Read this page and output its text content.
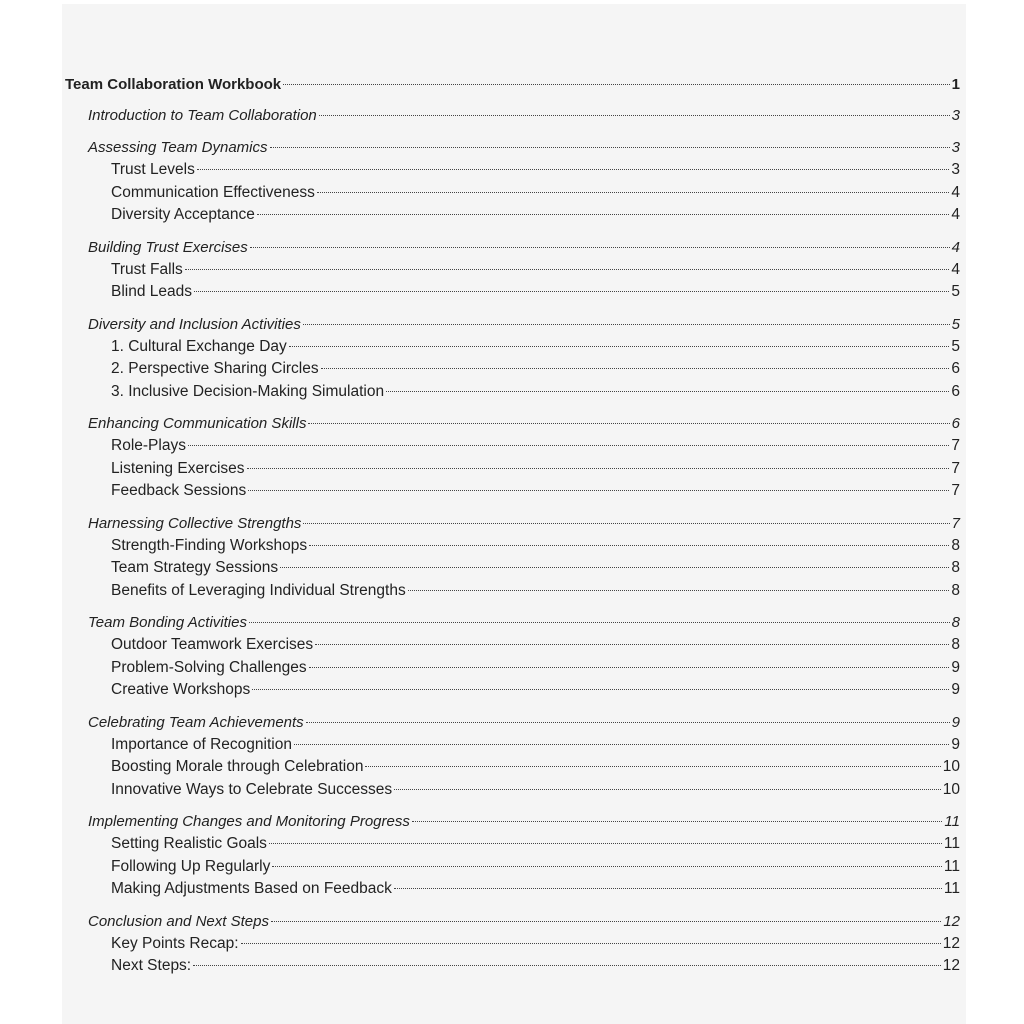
Team Collaboration Workbook	1
Introduction to Team Collaboration	3
Assessing Team Dynamics	3
Trust Levels	3
Communication Effectiveness	4
Diversity Acceptance	4
Building Trust Exercises	4
Trust Falls	4
Blind Leads	5
Diversity and Inclusion Activities	5
1. Cultural Exchange Day	5
2. Perspective Sharing Circles	6
3. Inclusive Decision-Making Simulation	6
Enhancing Communication Skills	6
Role-Plays	7
Listening Exercises	7
Feedback Sessions	7
Harnessing Collective Strengths	7
Strength-Finding Workshops	8
Team Strategy Sessions	8
Benefits of Leveraging Individual Strengths	8
Team Bonding Activities	8
Outdoor Teamwork Exercises	8
Problem-Solving Challenges	9
Creative Workshops	9
Celebrating Team Achievements	9
Importance of Recognition	9
Boosting Morale through Celebration	10
Innovative Ways to Celebrate Successes	10
Implementing Changes and Monitoring Progress	11
Setting Realistic Goals	11
Following Up Regularly	11
Making Adjustments Based on Feedback	11
Conclusion and Next Steps	12
Key Points Recap:	12
Next Steps:	12
